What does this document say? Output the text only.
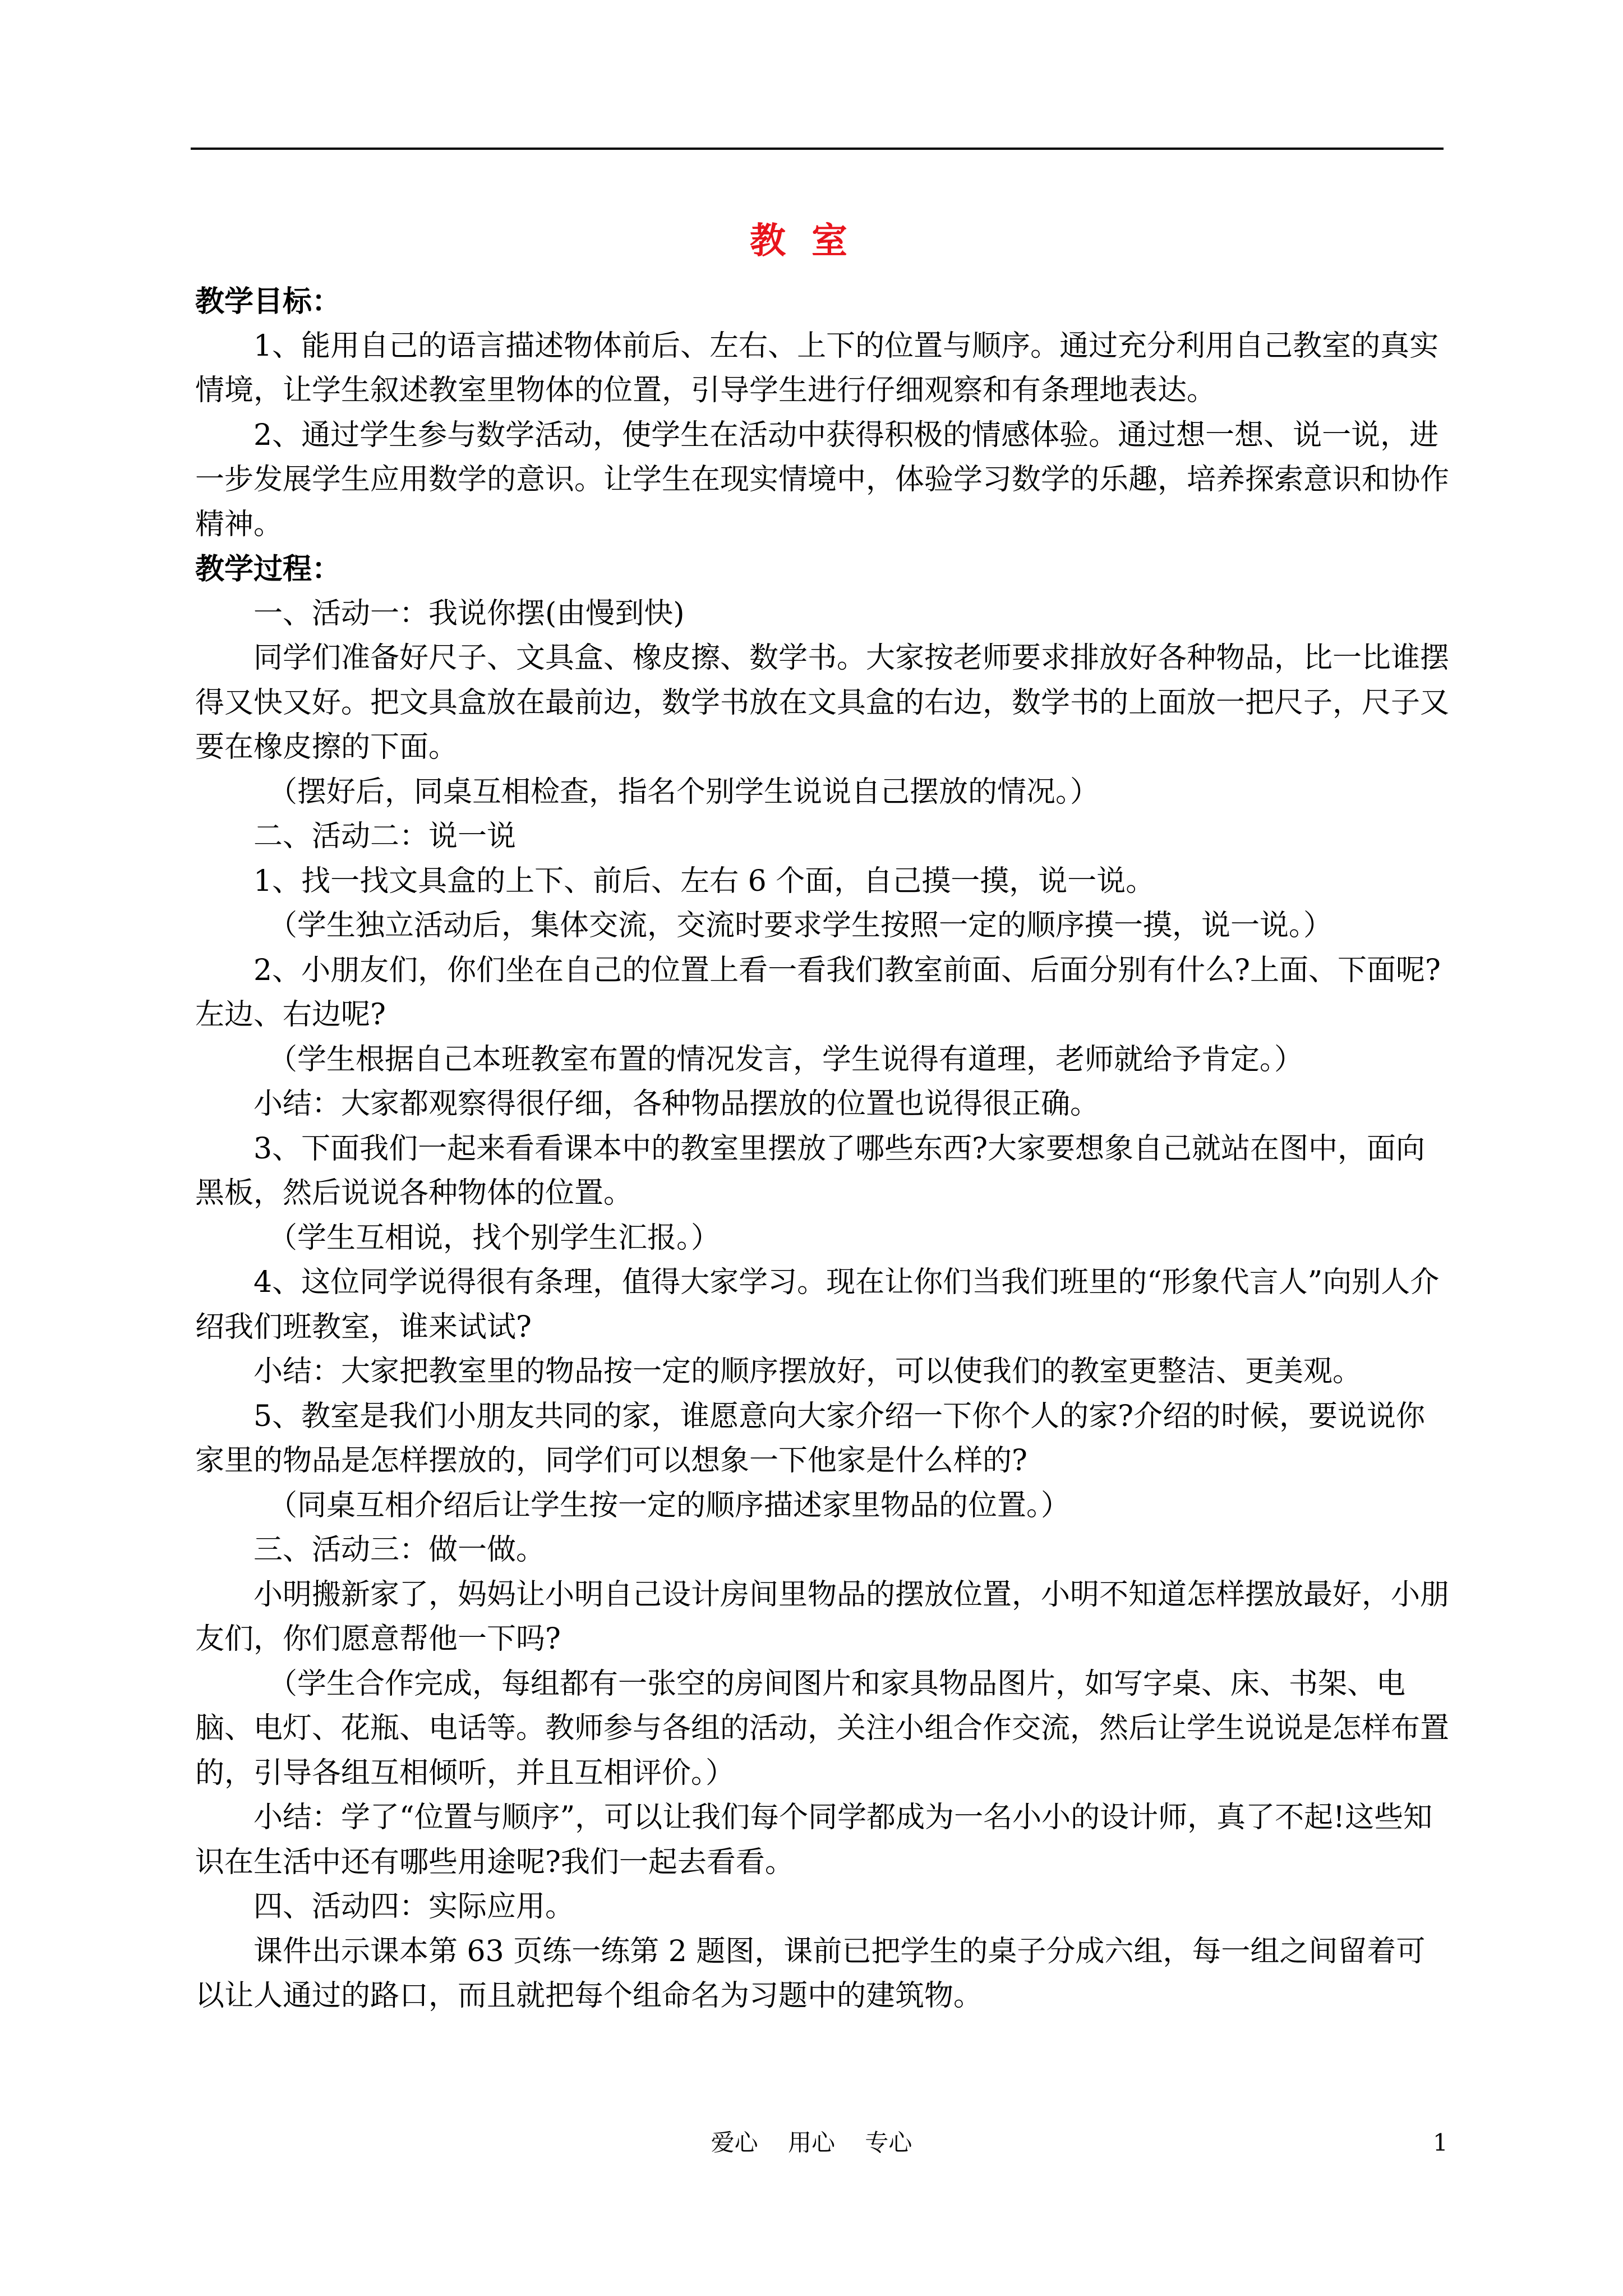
教室

教学目标：

1、能用自己的语言描述物体前后、左右、上下的位置与顺序。通过充分利用自己教室的真实情境，让学生叙述教室里物体的位置，引导学生进行仔细观察和有条理地表达。

2、通过学生参与数学活动，使学生在活动中获得积极的情感体验。通过想一想、说一说，进一步发展学生应用数学的意识。让学生在现实情境中，体验学习数学的乐趣，培养探索意识和协作精神。

教学过程：

一、活动一：我说你摆(由慢到快)

同学们准备好尺子、文具盒、橡皮擦、数学书。大家按老师要求排放好各种物品，比一比谁摆得又快又好。把文具盒放在最前边，数学书放在文具盒的右边，数学书的上面放一把尺子，尺子又要在橡皮擦的下面。

（摆好后，同桌互相检查，指名个别学生说说自己摆放的情况。）

二、活动二：说一说

1、找一找文具盒的上下、前后、左右 6 个面，自己摸一摸，说一说。

（学生独立活动后，集体交流，交流时要求学生按照一定的顺序摸一摸，说一说。）

2、小朋友们，你们坐在自己的位置上看一看我们教室前面、后面分别有什么?上面、下面呢?左边、右边呢?

（学生根据自己本班教室布置的情况发言，学生说得有道理，老师就给予肯定。）

小结：大家都观察得很仔细，各种物品摆放的位置也说得很正确。

3、下面我们一起来看看课本中的教室里摆放了哪些东西?大家要想象自己就站在图中，面向黑板，然后说说各种物体的位置。

（学生互相说，找个别学生汇报。）

4、这位同学说得很有条理，值得大家学习。现在让你们当我们班里的“形象代言人”向别人介绍我们班教室，谁来试试?

小结：大家把教室里的物品按一定的顺序摆放好，可以使我们的教室更整洁、更美观。

5、教室是我们小朋友共同的家，谁愿意向大家介绍一下你个人的家?介绍的时候，要说说你家里的物品是怎样摆放的，同学们可以想象一下他家是什么样的?

（同桌互相介绍后让学生按一定的顺序描述家里物品的位置。）

三、活动三：做一做。

小明搬新家了，妈妈让小明自己设计房间里物品的摆放位置，小明不知道怎样摆放最好，小朋友们，你们愿意帮他一下吗?

（学生合作完成，每组都有一张空的房间图片和家具物品图片，如写字桌、床、书架、电脑、电灯、花瓶、电话等。教师参与各组的活动，关注小组合作交流，然后让学生说说是怎样布置的，引导各组互相倾听，并且互相评价。）

小结：学了“位置与顺序”，可以让我们每个同学都成为一名小小的设计师，真了不起!这些知识在生活中还有哪些用途呢?我们一起去看看。

四、活动四：实际应用。

课件出示课本第 63 页练一练第 2 题图，课前已把学生的桌子分成六组，每一组之间留着可以让人通过的路口，而且就把每个组命名为习题中的建筑物。

爱心 用心 专心	1
